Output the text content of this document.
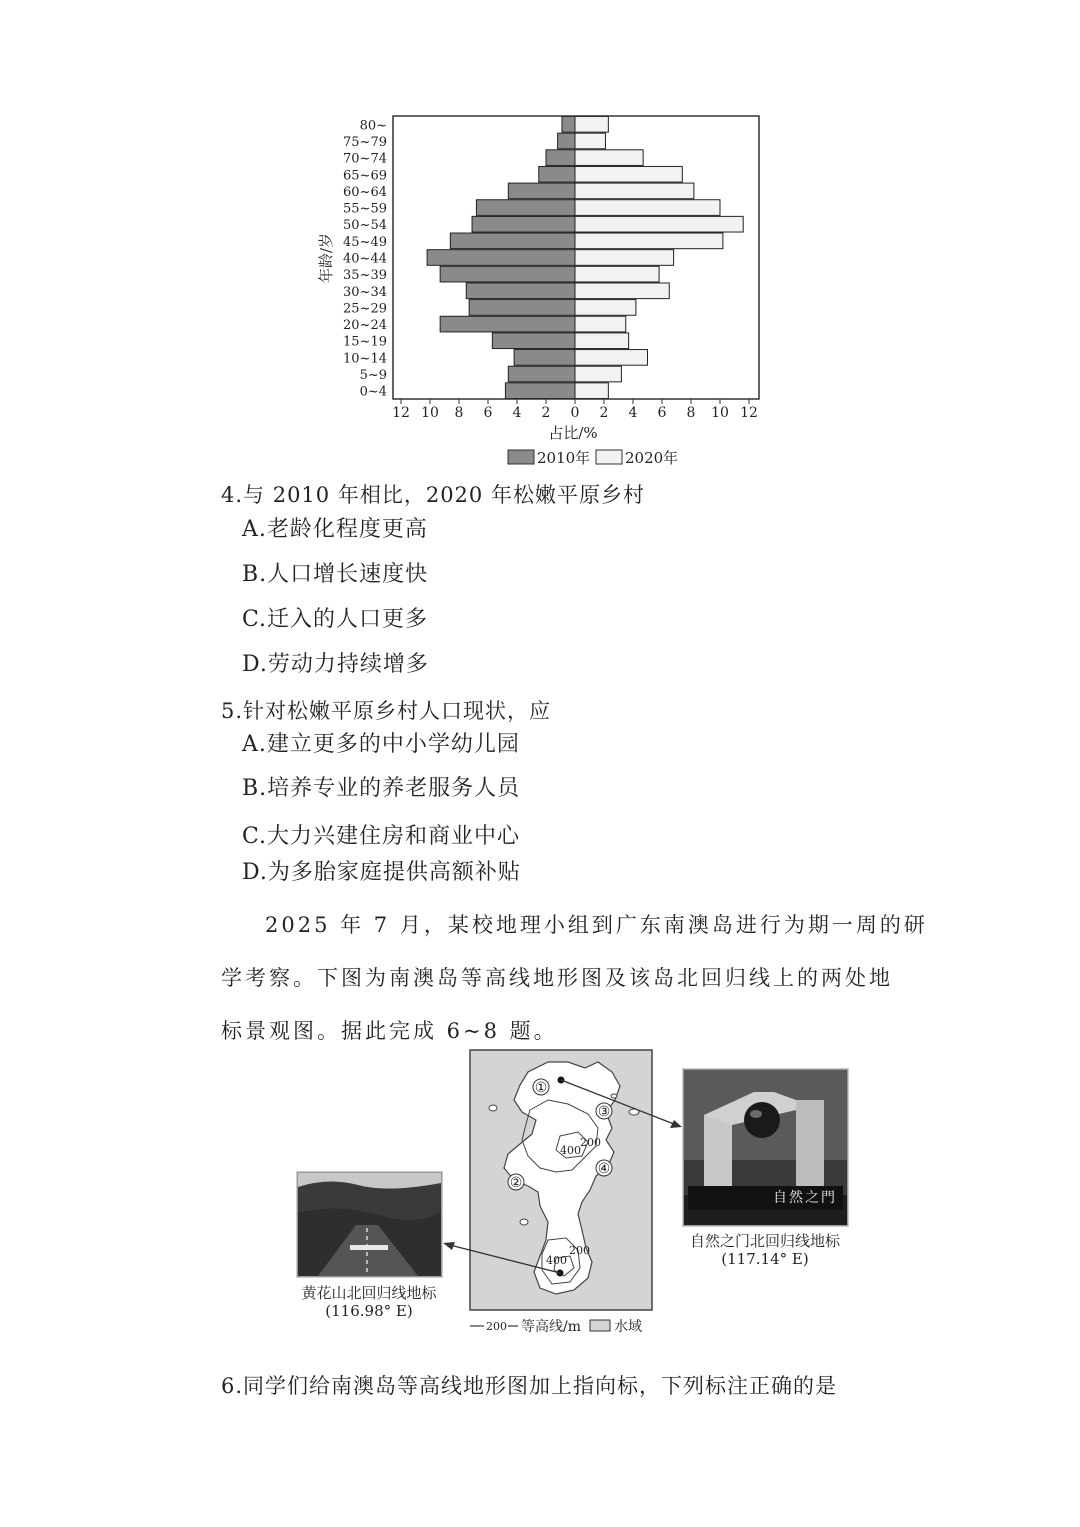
0~4
5~9
10~14
15~19
20~24
25~29
30~34
35~39
40~44
45~49
50~54
55~59
60~64
65~69
70~74
75~79
80~
12 10 8 6 4 2 0 2 4 6 8 10 12
年龄/岁
占比/%
2010年 2020年
4.与 2010 年相比，2020 年松嫩平原乡村
A.老龄化程度更高
B.人口增长速度快
C.迁入的人口更多
D.劳动力持续增多
5.针对松嫩平原乡村人口现状，应
A.建立更多的中小学幼儿园
B.培养专业的养老服务人员
C.大力兴建住房和商业中心
D.为多胎家庭提供高额补贴
2025 年 7 月，某校地理小组到广东南澳岛进行为期一周的研
学考察。下图为南澳岛等高线地形图及该岛北回归线上的两处地
标景观图。据此完成 6~8 题。
①
③
④
②
200
400
200
400
200 等高线/m 水域
自然之門
自然之门北回归线地标
(117.14° E)
黄花山北回归线地标
(116.98° E)
6.同学们给南澳岛等高线地形图加上指向标，下列标注正确的是
